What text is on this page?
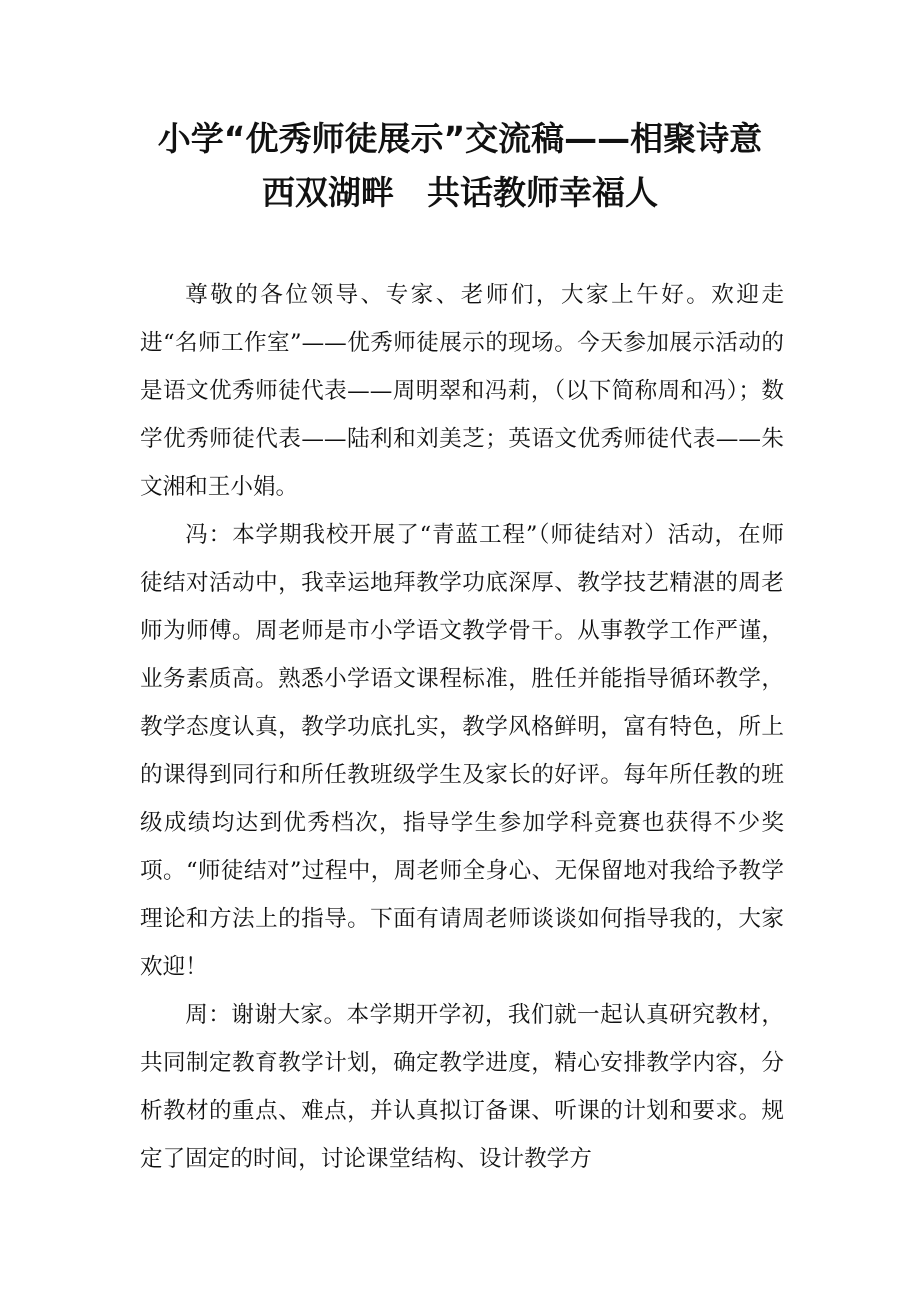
小学“优秀师徒展示”交流稿——相聚诗意
西双湖畔　共话教师幸福人

尊敬的各位领导、专家、老师们，大家上午好。欢迎走进“名师工作室”——优秀师徒展示的现场。今天参加展示活动的是语文优秀师徒代表——周明翠和冯莉，（以下简称周和冯）；数学优秀师徒代表——陆利和刘美芝；英语文优秀师徒代表——朱文湘和王小娟。

冯：本学期我校开展了“青蓝工程”（师徒结对）活动，在师徒结对活动中，我幸运地拜教学功底深厚、教学技艺精湛的周老师为师傅。周老师是市小学语文教学骨干。从事教学工作严谨，业务素质高。熟悉小学语文课程标准，胜任并能指导循环教学，教学态度认真，教学功底扎实，教学风格鲜明，富有特色，所上的课得到同行和所任教班级学生及家长的好评。每年所任教的班级成绩均达到优秀档次，指导学生参加学科竞赛也获得不少奖项。“师徒结对”过程中，周老师全身心、无保留地对我给予教学理论和方法上的指导。下面有请周老师谈谈如何指导我的，大家欢迎！

周：谢谢大家。本学期开学初，我们就一起认真研究教材，共同制定教育教学计划，确定教学进度，精心安排教学内容，分析教材的重点、难点，并认真拟订备课、听课的计划和要求。规定了固定的时间，讨论课堂结构、设计教学方
